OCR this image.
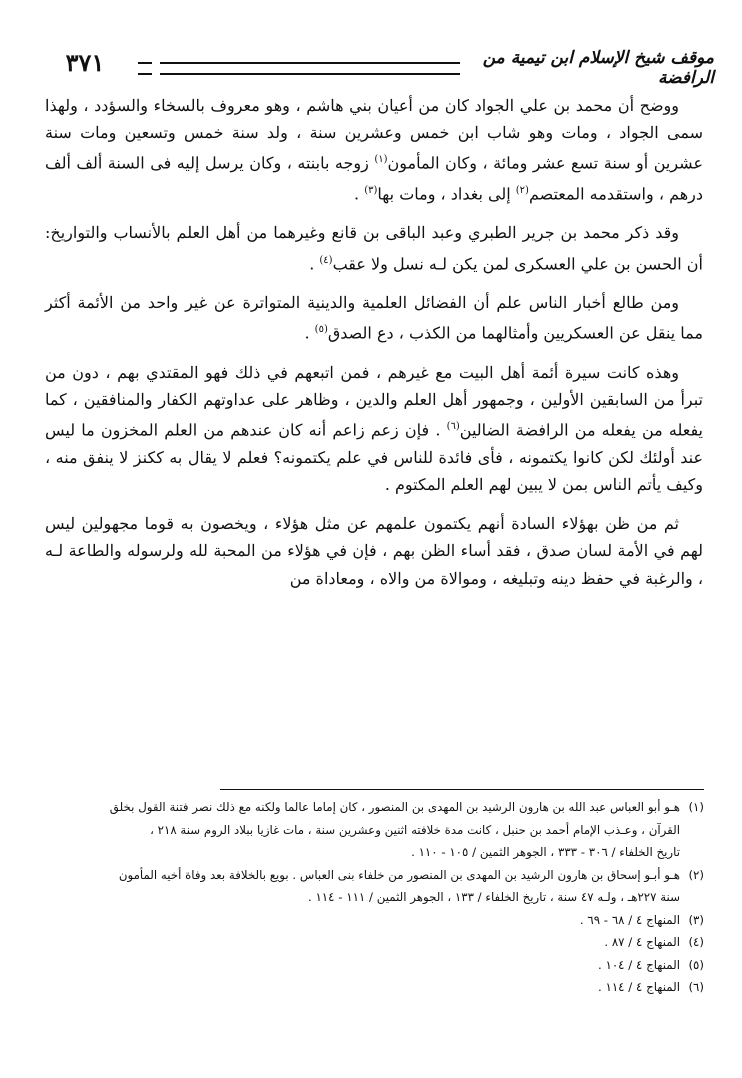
٣٧١	موقف شيخ الإسلام ابن تيمية من الرافضة

ووضح أن محمد بن علي الجواد كان من أعيان بني هاشم ، وهو معروف بالسخاء والسؤدد ، ولهذا سمى الجواد ، ومات وهو شاب ابن خمس وعشرين سنة ، ولد سنة خمس وتسعين ومات سنة عشرين أو سنة تسع عشر ومائة ، وكان المأمون$^{(١)}$ زوجه بابنته ، وكان يرسل إليه فى السنة ألف ألف درهم ، واستقدمه المعتصم$^{(٢)}$ إلى بغداد ، ومات بها$^{(٣)}$ .

وقد ذكر محمد بن جرير الطبري وعبد الباقى بن قانع وغيرهما من أهل العلم بالأنساب والتواريخ: أن الحسن بن علي العسكرى لمن يكن لـه نسل ولا عقب$^{(٤)}$ .

ومن طالع أخبار الناس علم أن الفضائل العلمية والدينية المتواترة عن غير واحد من الأئمة أكثر مما ينقل عن العسكريين وأمثالهما من الكذب ، دع الصدق$^{(٥)}$ .

وهذه كانت سيرة أئمة أهل البيت مع غيرهم ، فمن اتبعهم في ذلك فهو المقتدي بهم ، دون من تبرأ من السابقين الأولين ، وجمهور أهل العلم والدين ، وظاهر على عداوتهم الكفار والمنافقين ، كما يفعله من يفعله من الرافضة الضالين$^{(٦)}$ . فإن زعم زاعم أنه كان عندهم من العلم المخزون ما ليس عند أولئك لكن كانوا يكتمونه ، فأى فائدة للناس في علم يكتمونه؟ فعلم لا يقال به ككنز لا ينفق منه ، وكيف يأتم الناس بمن لا يبين لهم العلم المكتوم .

ثم من ظن بهؤلاء السادة أنهم يكتمون علمهم عن مثل هؤلاء ، ويخصون به قوما مجهولين ليس لهم في الأمة لسان صدق ، فقد أساء الظن بهم ، فإن في هؤلاء من المحبة لله ولرسوله والطاعة لـه ، والرغبة في حفظ دينه وتبليغه ، وموالاة من والاه ، ومعاداة من

(١)هـو أبو العباس عبد الله بن هارون الرشيد بن المهدى بن المنصور ، كان إماما عالما ولكنه مع ذلك نصر فتنة القول بخلق

القرآن ، وعـذب الإمام أحمد بن حنبل ، كانت مدة خلافته اثنين وعشرين سنة ، مات غازيا ببلاد الروم سنة ٢١٨ ،

تاريخ الخلفاء / ٣٠٦ - ٣٣٣ ، الجوهر الثمين / ١٠٥ - ١١٠ .

(٢)هـو أبـو إسحاق بن هارون الرشيد بن المهدى بن المنصور من خلفاء بنى العباس . بويع بالخلافة بعد وفاة أخيه المأمون

سنة ٢٢٧هـ ، ولـه ٤٧ سنة ، تاريخ الخلفاء / ١٣٣ ، الجوهر الثمين / ١١١ - ١١٤ .

(٣)المنهاج ٤ / ٦٨ - ٦٩ .

(٤)المنهاج ٤ / ٨٧ .

(٥)المنهاج ٤ / ١٠٤ .

(٦)المنهاج ٤ / ١١٤ .
